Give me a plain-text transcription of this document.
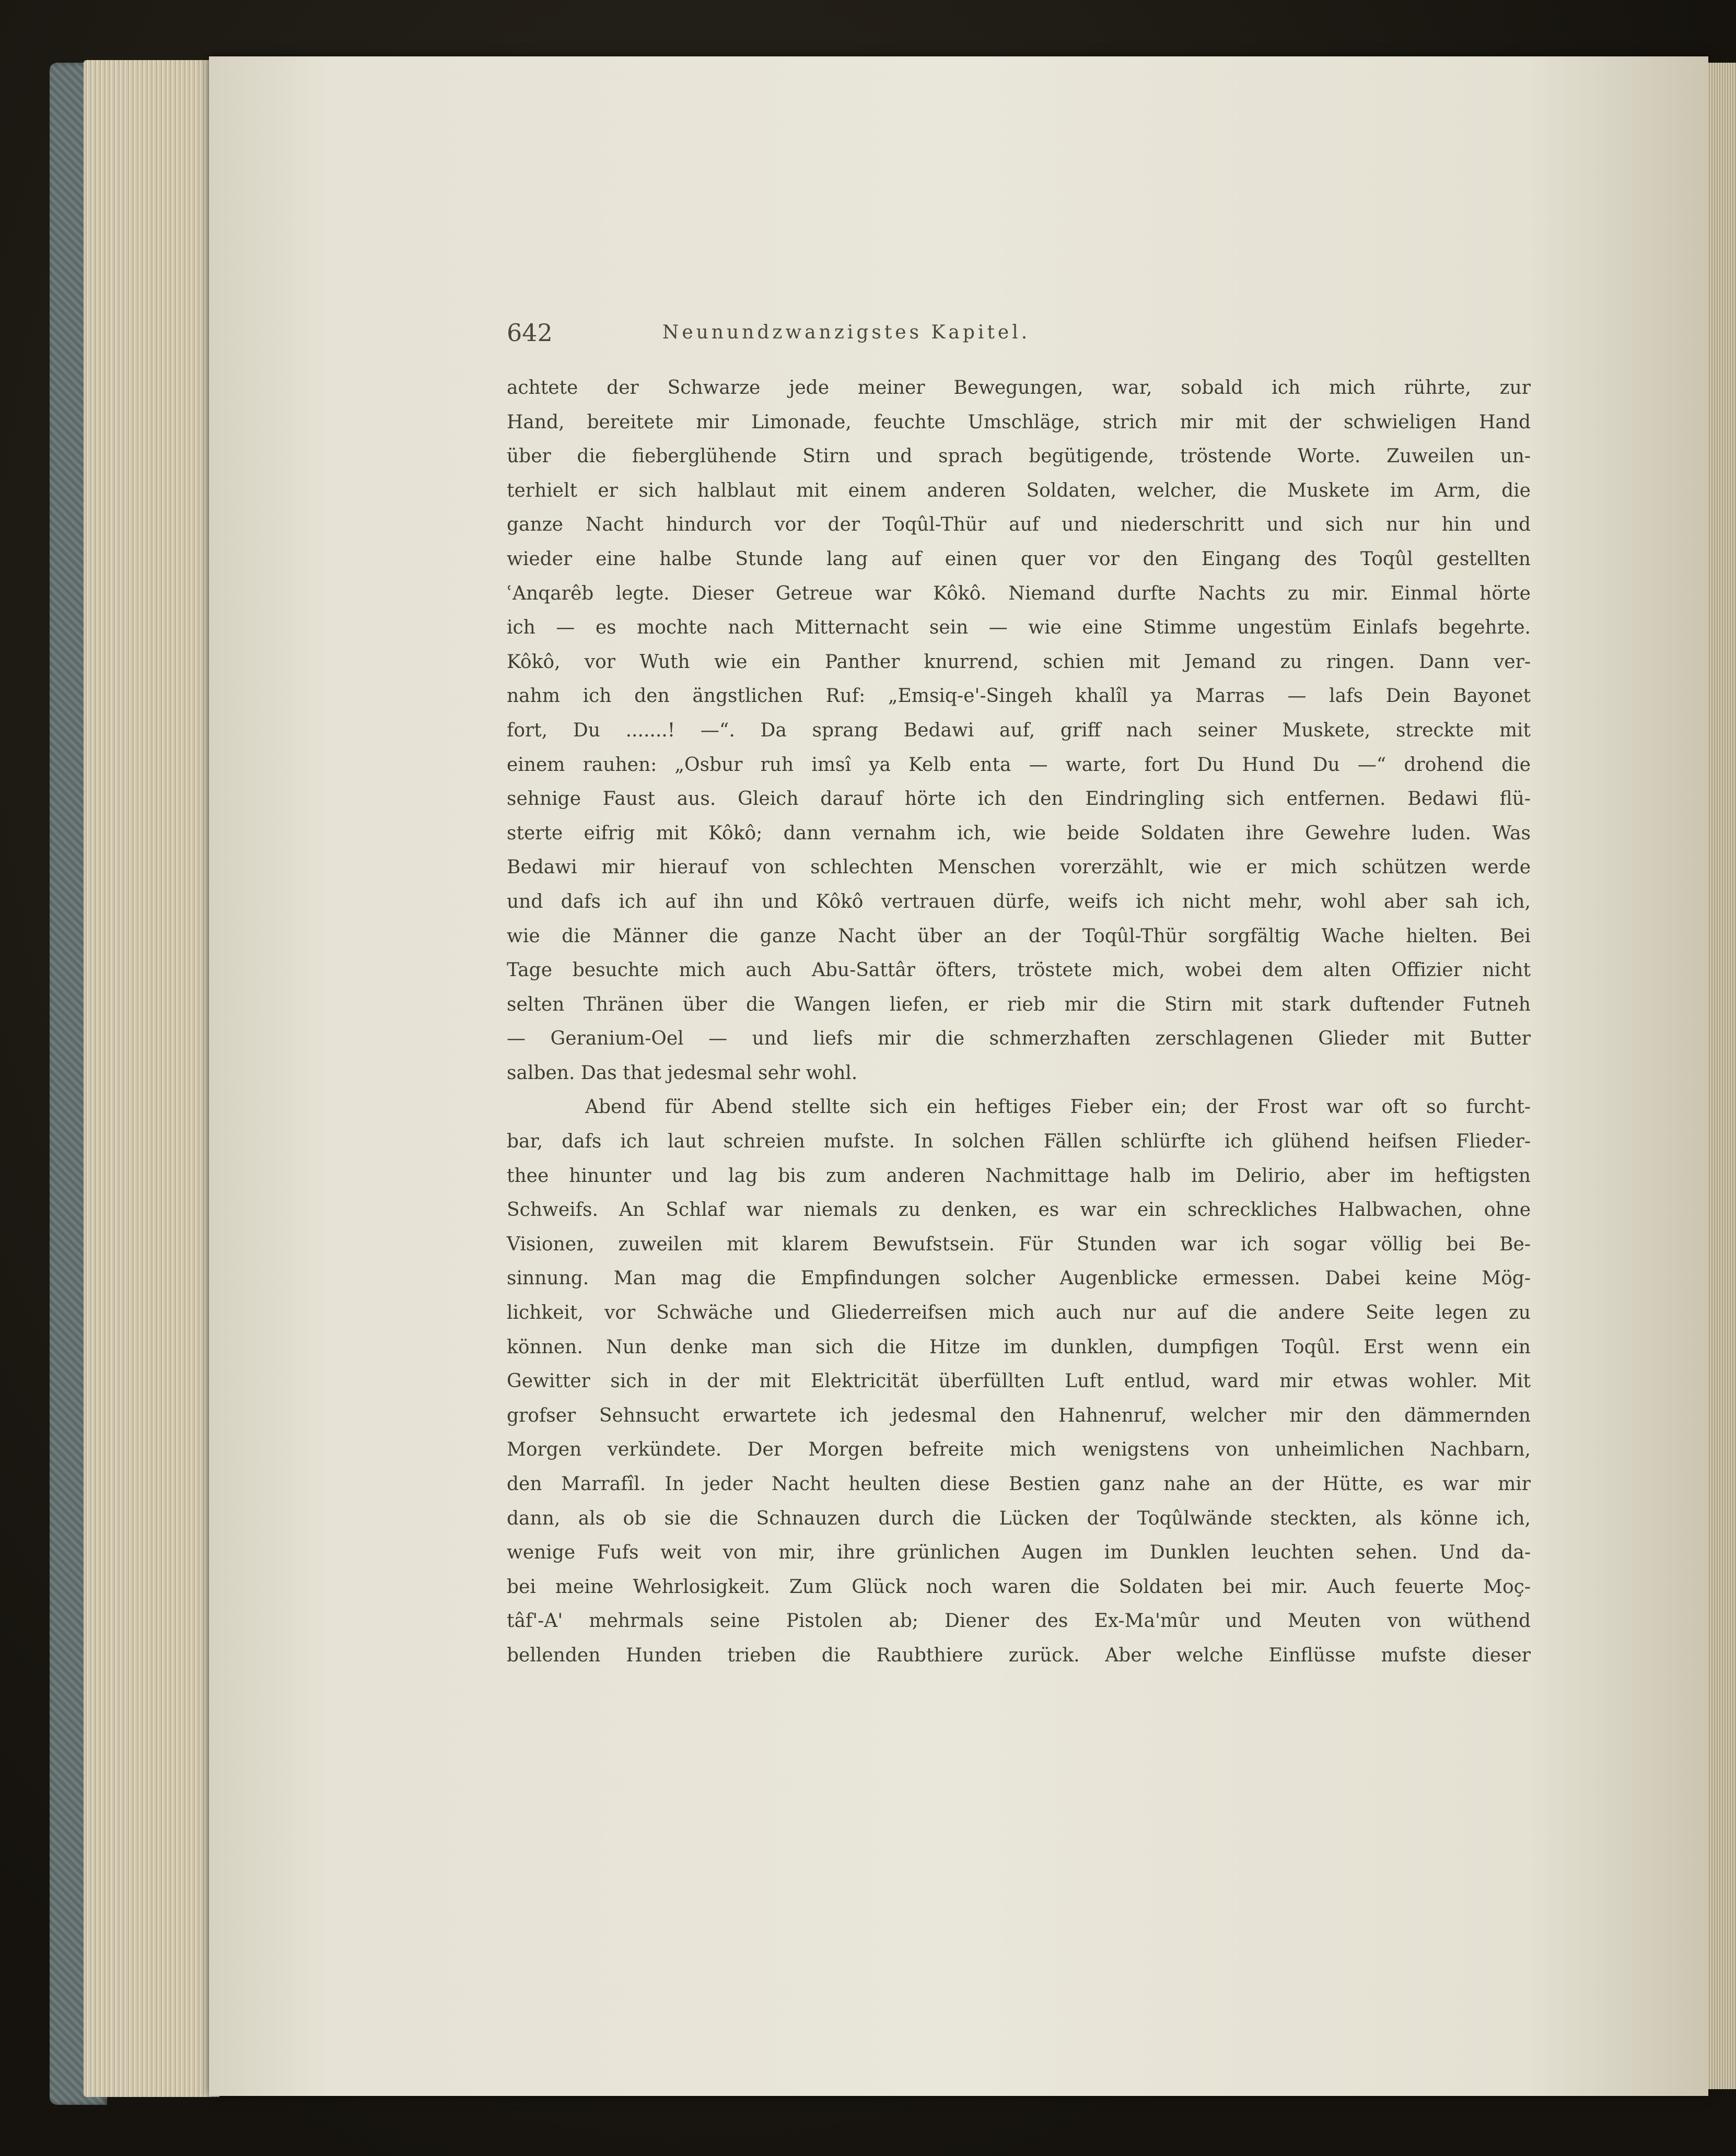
642	Neunundzwanzigstes Kapitel.
achtete der Schwarze jede meiner Bewegungen, war, sobald ich mich rührte, zur
Hand, bereitete mir Limonade, feuchte Umschläge, strich mir mit der schwieligen Hand
über die fieberglühende Stirn und sprach begütigende, tröstende Worte. Zuweilen un-
terhielt er sich halblaut mit einem anderen Soldaten, welcher, die Muskete im Arm, die
ganze Nacht hindurch vor der Toqûl-Thür auf und niederschritt und sich nur hin und
wieder eine halbe Stunde lang auf einen quer vor den Eingang des Toqûl gestellten
ʿAnqarêb legte. Dieser Getreue war Kôkô. Niemand durfte Nachts zu mir. Einmal hörte
ich — es mochte nach Mitternacht sein — wie eine Stimme ungestüm Einlafs begehrte.
Kôkô, vor Wuth wie ein Panther knurrend, schien mit Jemand zu ringen. Dann ver-
nahm ich den ängstlichen Ruf: „Emsiq-e'-Singeh khalîl ya Marras — lafs Dein Bayonet
fort, Du .......! —“. Da sprang Bedawi auf, griff nach seiner Muskete, streckte mit
einem rauhen: „Osbur ruh imsî ya Kelb enta — warte, fort Du Hund Du —“ drohend die
sehnige Faust aus. Gleich darauf hörte ich den Eindringling sich entfernen. Bedawi flü-
sterte eifrig mit Kôkô; dann vernahm ich, wie beide Soldaten ihre Gewehre luden. Was
Bedawi mir hierauf von schlechten Menschen vorerzählt, wie er mich schützen werde
und dafs ich auf ihn und Kôkô vertrauen dürfe, weifs ich nicht mehr, wohl aber sah ich,
wie die Männer die ganze Nacht über an der Toqûl-Thür sorgfältig Wache hielten. Bei
Tage besuchte mich auch Abu-Sattâr öfters, tröstete mich, wobei dem alten Offizier nicht
selten Thränen über die Wangen liefen, er rieb mir die Stirn mit stark duftender Futneh
— Geranium-Oel — und liefs mir die schmerzhaften zerschlagenen Glieder mit Butter
salben. Das that jedesmal sehr wohl.
Abend für Abend stellte sich ein heftiges Fieber ein; der Frost war oft so furcht-
bar, dafs ich laut schreien mufste. In solchen Fällen schlürfte ich glühend heifsen Flieder-
thee hinunter und lag bis zum anderen Nachmittage halb im Delirio, aber im heftigsten
Schweifs. An Schlaf war niemals zu denken, es war ein schreckliches Halbwachen, ohne
Visionen, zuweilen mit klarem Bewufstsein. Für Stunden war ich sogar völlig bei Be-
sinnung. Man mag die Empfindungen solcher Augenblicke ermessen. Dabei keine Mög-
lichkeit, vor Schwäche und Gliederreifsen mich auch nur auf die andere Seite legen zu
können. Nun denke man sich die Hitze im dunklen, dumpfigen Toqûl. Erst wenn ein
Gewitter sich in der mit Elektricität überfüllten Luft entlud, ward mir etwas wohler. Mit
grofser Sehnsucht erwartete ich jedesmal den Hahnenruf, welcher mir den dämmernden
Morgen verkündete. Der Morgen befreite mich wenigstens von unheimlichen Nachbarn,
den Marrafîl. In jeder Nacht heulten diese Bestien ganz nahe an der Hütte, es war mir
dann, als ob sie die Schnauzen durch die Lücken der Toqûlwände steckten, als könne ich,
wenige Fufs weit von mir, ihre grünlichen Augen im Dunklen leuchten sehen. Und da-
bei meine Wehrlosigkeit. Zum Glück noch waren die Soldaten bei mir. Auch feuerte Moç-
tâf'-A' mehrmals seine Pistolen ab; Diener des Ex-Ma'mûr und Meuten von wüthend
bellenden Hunden trieben die Raubthiere zurück. Aber welche Einflüsse mufste dieser
